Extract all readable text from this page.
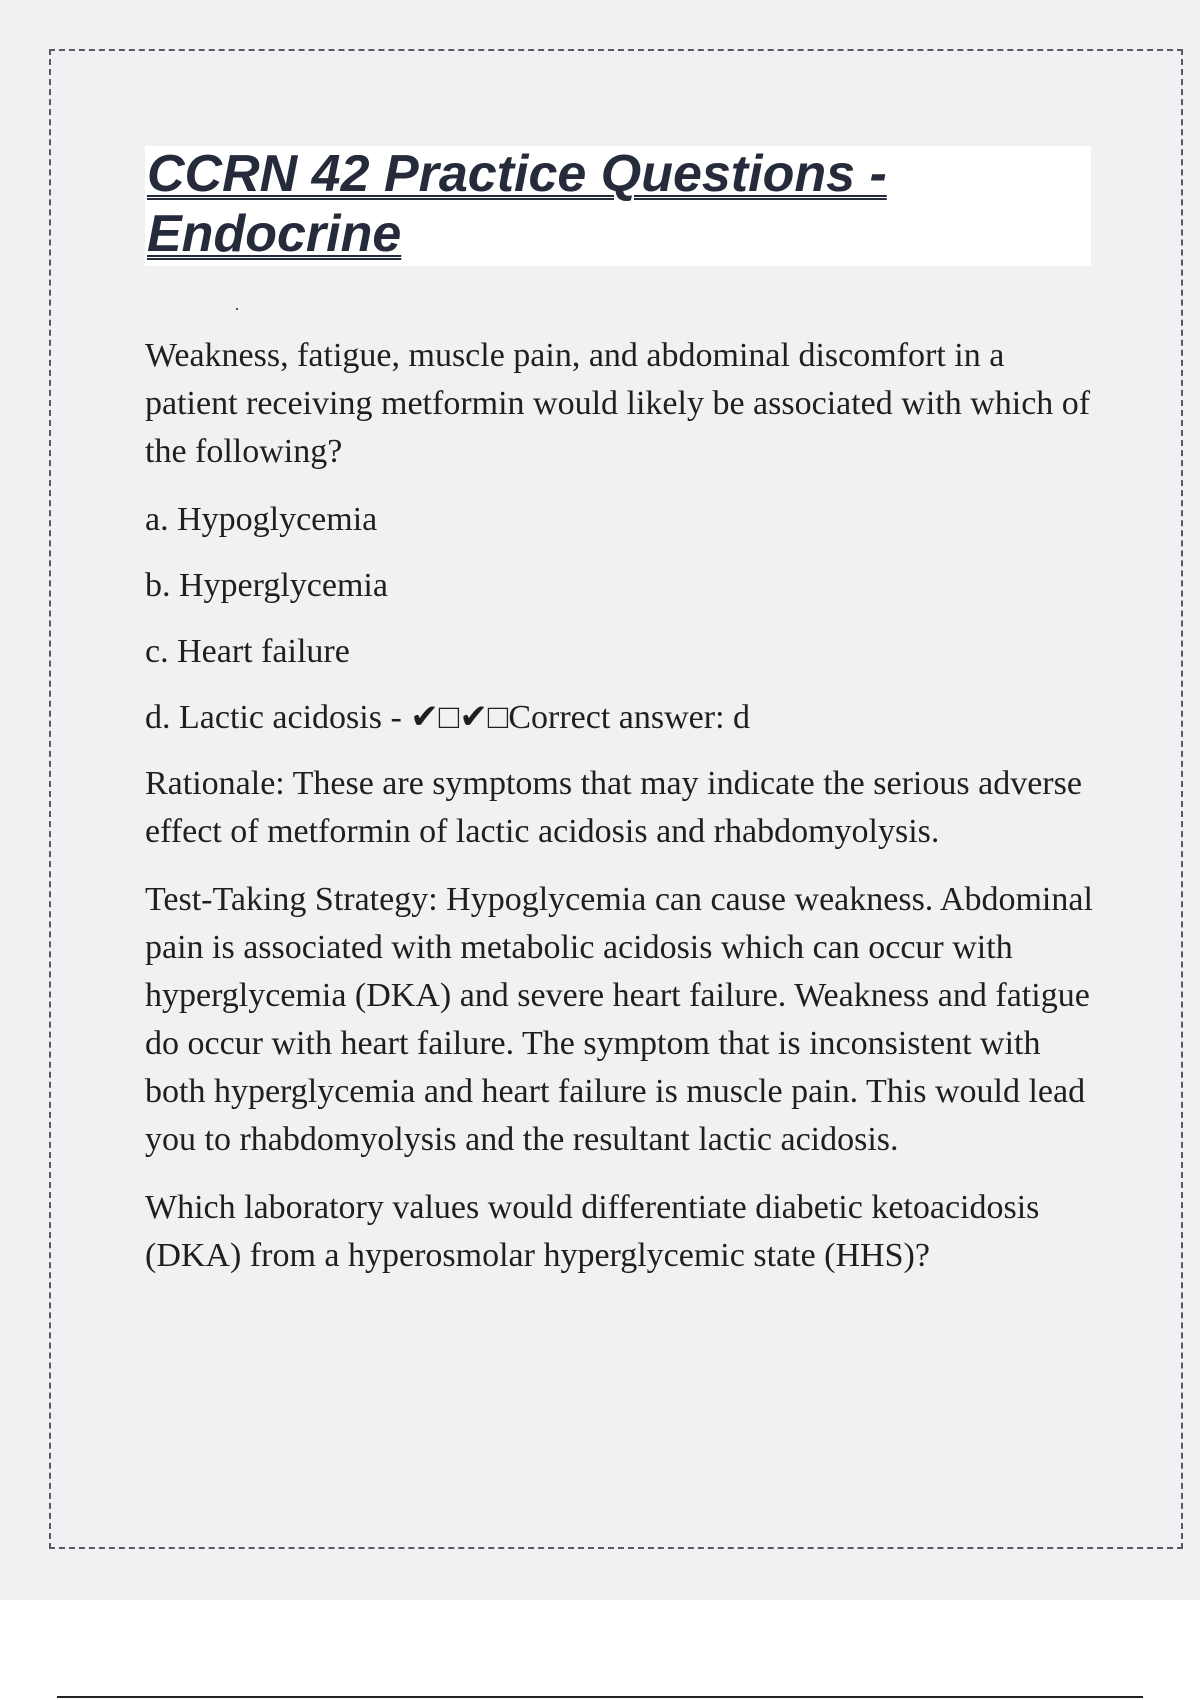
CCRN 42 Practice Questions -
Endocrine

Weakness, fatigue, muscle pain, and abdominal discomfort in a patient receiving metformin would likely be associated with which of the following?

a. Hypoglycemia

b. Hyperglycemia

c. Heart failure

d. Lactic acidosis - ✔□✔□Correct answer: d

Rationale: These are symptoms that may indicate the serious adverse effect of metformin of lactic acidosis and rhabdomyolysis.

Test-Taking Strategy: Hypoglycemia can cause weakness. Abdominal pain is associated with metabolic acidosis which can occur with hyperglycemia (DKA) and severe heart failure. Weakness and fatigue do occur with heart failure. The symptom that is inconsistent with both hyperglycemia and heart failure is muscle pain. This would lead you to rhabdomyolysis and the resultant lactic acidosis.

Which laboratory values would differentiate diabetic ketoacidosis (DKA) from a hyperosmolar hyperglycemic state (HHS)?
